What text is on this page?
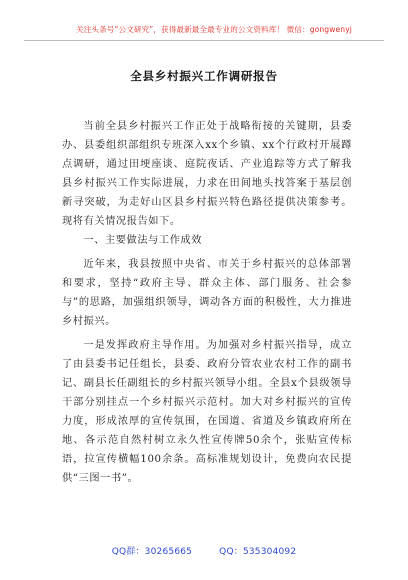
关注头条号“公文研究”，获得最新最全最专业的公文资料库！ 微信：gongwenyj
全县乡村振兴工作调研报告

当前全县乡村振兴工作正处于战略衔接的关键期，县委办、县委组织部组织专班深入xx个乡镇、xx个行政村开展蹲点调研，通过田埂座谈、庭院夜话、产业追踪等方式了解我县乡村振兴工作实际进展，力求在田间地头找答案于基层创新寻突破，为走好山区县乡村振兴特色路径提供决策参考。现将有关情况报告如下。

一、主要做法与工作成效

近年来，我县按照中央省、市关于乡村振兴的总体部署和要求，坚持“政府主导、群众主体、部门服务、社会参与”的思路，加强组织领导，调动各方面的积极性，大力推进乡村振兴。

一是发挥政府主导作用。为加强对乡村振兴指导，成立了由县委书记任组长，县委、政府分管农业农村工作的副书记、副县长任副组长的乡村振兴领导小组。全县x个县级领导干部分别挂点一个乡村振兴示范村。加大对乡村振兴的宣传力度，形成浓厚的宣传氛围，在国道、省道及乡镇政府所在地、各示范自然村树立永久性宣传牌50余个，张贴宣传标语，拉宣传横幅100余条。高标准规划设计，免费向农民提供“三图一书”。

QQ群：30265665	QQ：535304092
